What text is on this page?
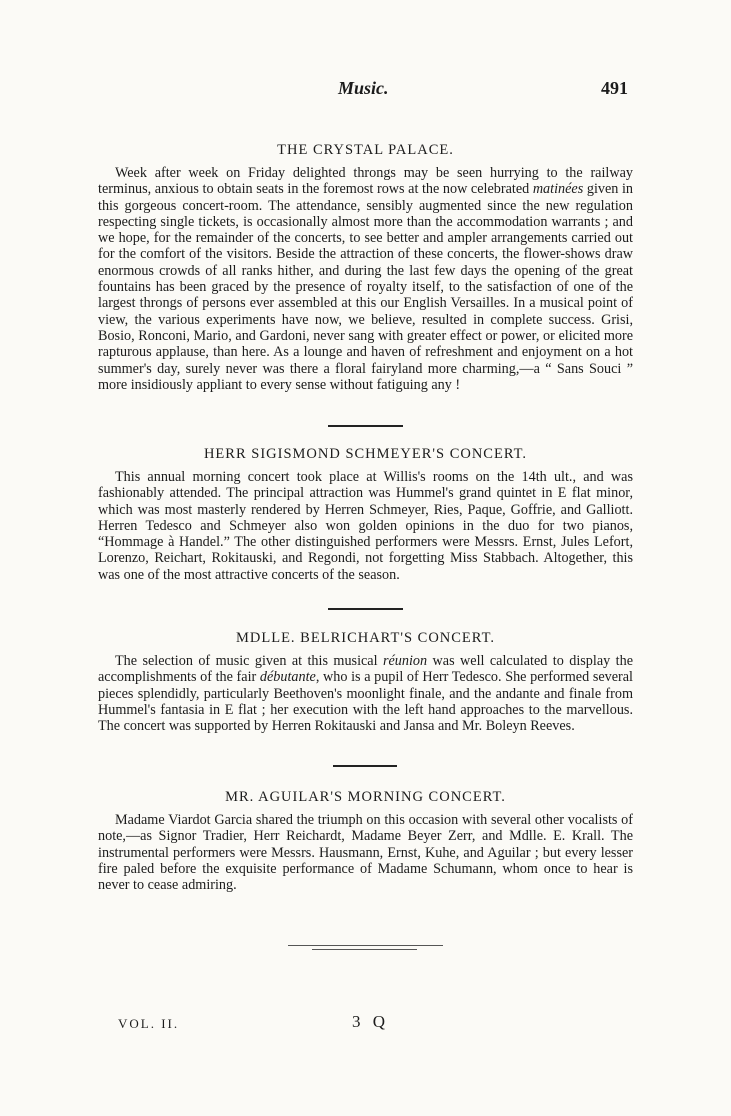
Music.	491
THE CRYSTAL PALACE.

Week after week on Friday delighted throngs may be seen hurrying to the railway terminus, anxious to obtain seats in the foremost rows at the now celebrated matinées given in this gorgeous concert-room. The attendance, sensibly augmented since the new regulation respecting single tickets, is occasionally almost more than the accommodation warrants ; and we hope, for the remainder of the concerts, to see better and ampler arrangements carried out for the comfort of the visitors. Beside the attraction of these concerts, the flower-shows draw enormous crowds of all ranks hither, and during the last few days the opening of the great fountains has been graced by the presence of royalty itself, to the satisfaction of one of the largest throngs of persons ever assembled at this our English Versailles. In a musical point of view, the various experiments have now, we believe, resulted in complete success. Grisi, Bosio, Ronconi, Mario, and Gardoni, never sang with greater effect or power, or elicited more rapturous applause, than here. As a lounge and haven of refreshment and enjoyment on a hot summer's day, surely never was there a floral fairyland more charming,—a “ Sans Souci ” more insidiously appliant to every sense without fatiguing any !

HERR SIGISMOND SCHMEYER'S CONCERT.

This annual morning concert took place at Willis's rooms on the 14th ult., and was fashionably attended. The principal attraction was Hummel's grand quintet in E flat minor, which was most masterly rendered by Herren Schmeyer, Ries, Paque, Goffrie, and Galliott. Herren Tedesco and Schmeyer also won golden opinions in the duo for two pianos, “Hommage à Handel.” The other distinguished performers were Messrs. Ernst, Jules Lefort, Lorenzo, Reichart, Rokitauski, and Regondi, not forgetting Miss Stabbach. Altogether, this was one of the most attractive concerts of the season.

MDLLE. BELRICHART'S CONCERT.

The selection of music given at this musical réunion was well calculated to display the accomplishments of the fair débutante, who is a pupil of Herr Tedesco. She performed several pieces splendidly, particularly Beethoven's moonlight finale, and the andante and finale from Hummel's fantasia in E flat ; her execution with the left hand approaches to the marvellous. The concert was supported by Herren Rokitauski and Jansa and Mr. Boleyn Reeves.

MR. AGUILAR'S MORNING CONCERT.

Madame Viardot Garcia shared the triumph on this occasion with several other vocalists of note,—as Signor Tradier, Herr Reichardt, Madame Beyer Zerr, and Mdlle. E. Krall. The instrumental performers were Messrs. Hausmann, Ernst, Kuhe, and Aguilar ; but every lesser fire paled before the exquisite performance of Madame Schumann, whom once to hear is never to cease admiring.

VOL. II.	3 Q
